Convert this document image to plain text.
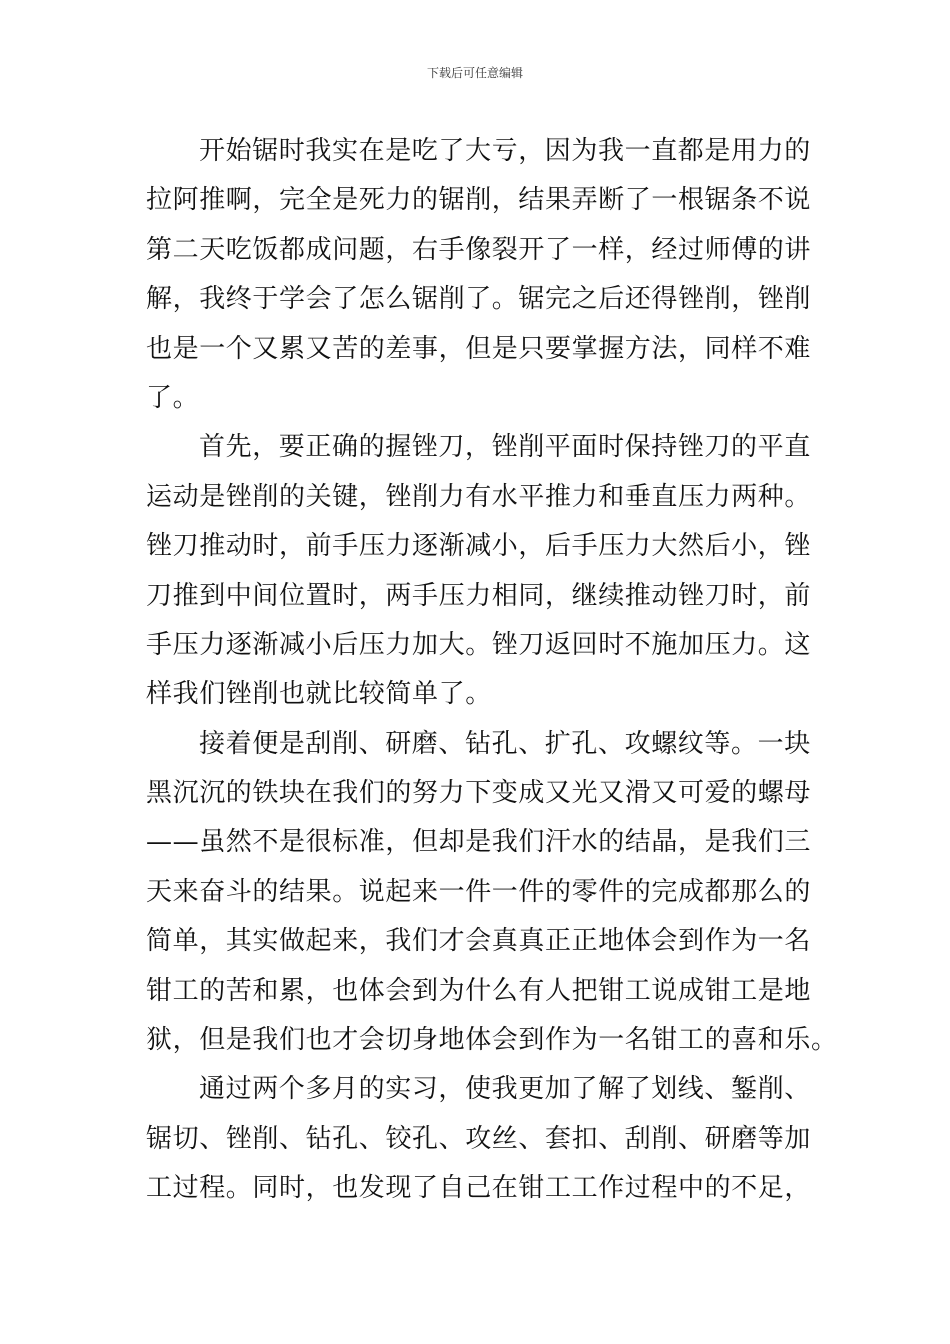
下载后可任意编辑
开始锯时我实在是吃了大亏，因为我一直都是用力的
拉阿推啊，完全是死力的锯削，结果弄断了一根锯条不说
第二天吃饭都成问题，右手像裂开了一样，经过师傅的讲
解，我终于学会了怎么锯削了。锯完之后还得锉削，锉削
也是一个又累又苦的差事，但是只要掌握方法，同样不难
了。
首先，要正确的握锉刀，锉削平面时保持锉刀的平直
运动是锉削的关键，锉削力有水平推力和垂直压力两种。
锉刀推动时，前手压力逐渐减小，后手压力大然后小，锉
刀推到中间位置时，两手压力相同，继续推动锉刀时，前
手压力逐渐减小后压力加大。锉刀返回时不施加压力。这
样我们锉削也就比较简单了。
接着便是刮削、研磨、钻孔、扩孔、攻螺纹等。一块
黑沉沉的铁块在我们的努力下变成又光又滑又可爱的螺母
——虽然不是很标准，但却是我们汗水的结晶，是我们三
天来奋斗的结果。说起来一件一件的零件的完成都那么的
简单，其实做起来，我们才会真真正正地体会到作为一名
钳工的苦和累，也体会到为什么有人把钳工说成钳工是地
狱，但是我们也才会切身地体会到作为一名钳工的喜和乐。
通过两个多月的实习，使我更加了解了划线、錾削、
锯切、锉削、钻孔、铰孔、攻丝、套扣、刮削、研磨等加
工过程。同时，也发现了自己在钳工工作过程中的不足，
